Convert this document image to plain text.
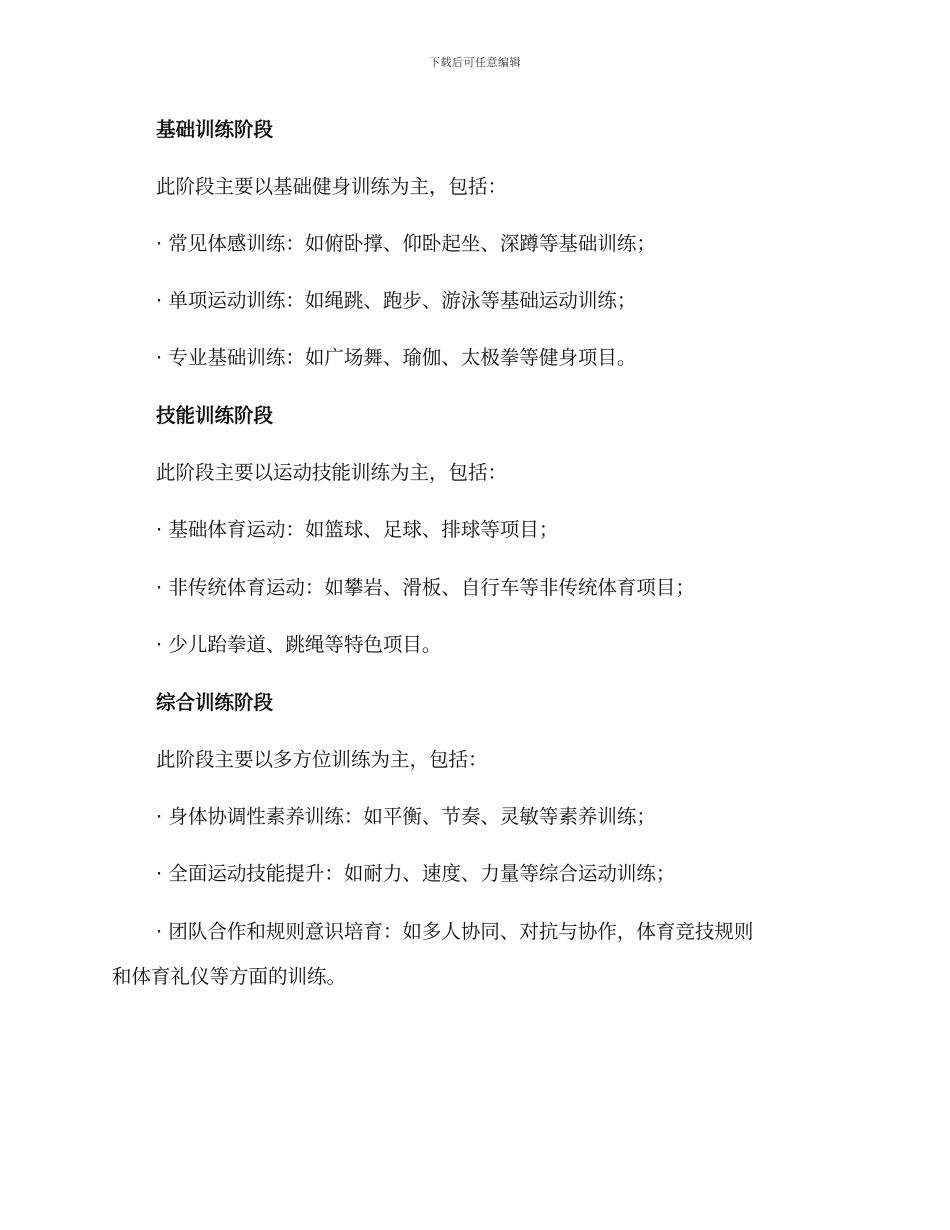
下载后可任意编辑
基础训练阶段
此阶段主要以基础健身训练为主，包括：
· 常见体感训练：如俯卧撑、仰卧起坐、深蹲等基础训练；
· 单项运动训练：如绳跳、跑步、游泳等基础运动训练；
· 专业基础训练：如广场舞、瑜伽、太极拳等健身项目。
技能训练阶段
此阶段主要以运动技能训练为主，包括：
· 基础体育运动：如篮球、足球、排球等项目；
· 非传统体育运动：如攀岩、滑板、自行车等非传统体育项目；
· 少儿跆拳道、跳绳等特色项目。
综合训练阶段
此阶段主要以多方位训练为主，包括：
· 身体协调性素养训练：如平衡、节奏、灵敏等素养训练；
· 全面运动技能提升：如耐力、速度、力量等综合运动训练；
· 团队合作和规则意识培育：如多人协同、对抗与协作，体育竞技规则
和体育礼仪等方面的训练。
